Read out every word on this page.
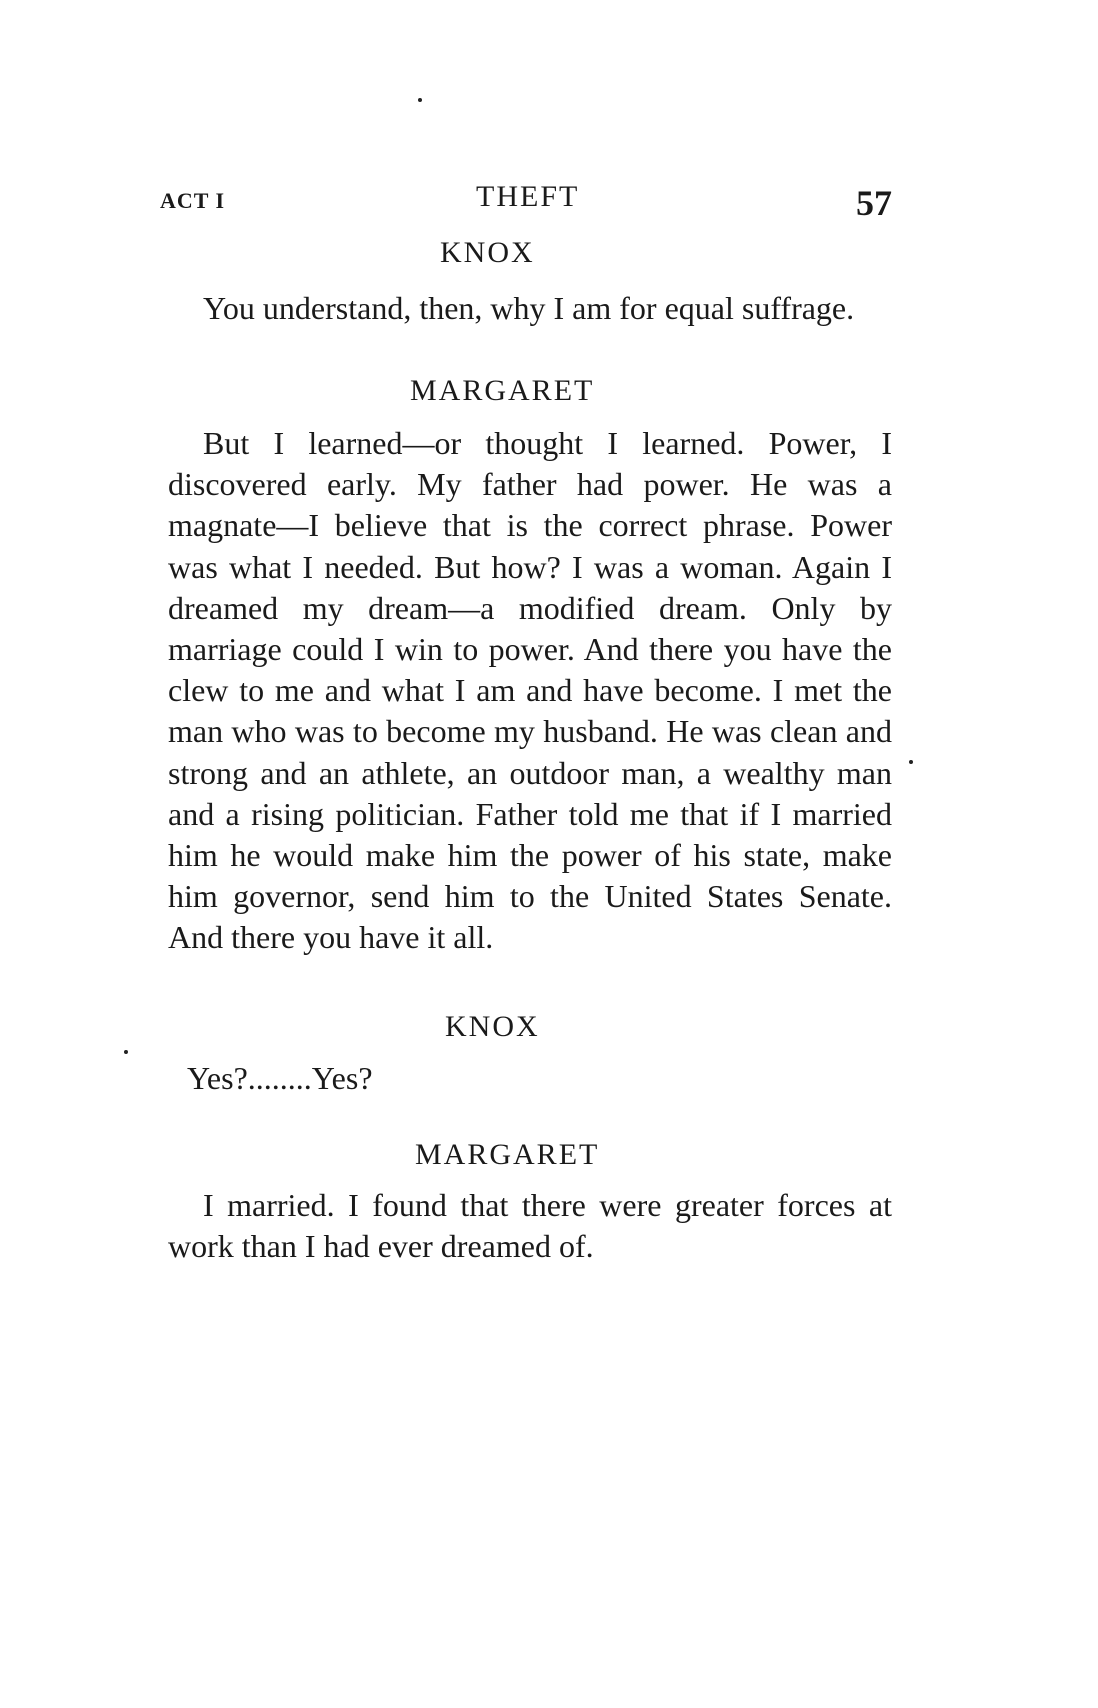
ACT I	THEFT	57
KNOX

You understand, then, why I am for equal suffrage.

MARGARET

But I learned—or thought I learned. Power, I discovered early. My father had power. He was a magnate—I believe that is the correct phrase. Power was what I needed. But how? I was a woman. Again I dreamed my dream—a modified dream. Only by marriage could I win to power. And there you have the clew to me and what I am and have become. I met the man who was to become my husband. He was clean and strong and an athlete, an outdoor man, a wealthy man and a rising politician. Father told me that if I married him he would make him the power of his state, make him governor, send him to the United States Senate. And there you have it all.

KNOX
Yes?........Yes?
MARGARET

I married. I found that there were greater forces at work than I had ever dreamed of.
